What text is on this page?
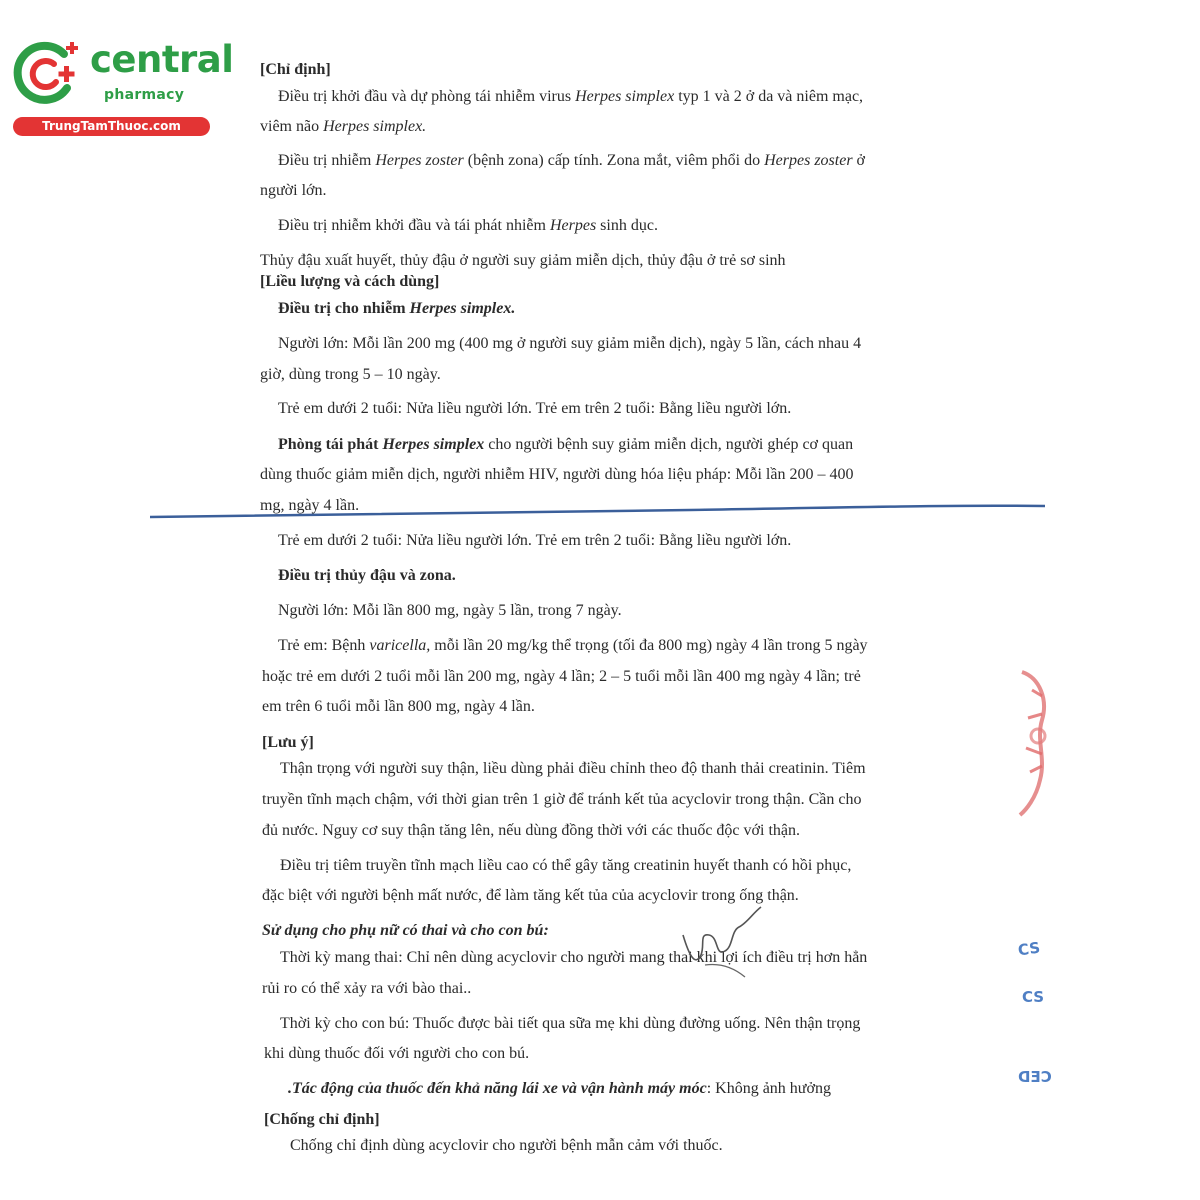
central
pharmacy
TrungTamThuoc.com
[Chỉ định]
Điều trị khởi đầu và dự phòng tái nhiễm virus Herpes simplex typ 1 và 2 ở da và niêm mạc,
viêm não Herpes simplex.
Điều trị nhiễm Herpes zoster (bệnh zona) cấp tính. Zona mắt, viêm phổi do Herpes zoster ở
người lớn.
Điều trị nhiễm khởi đầu và tái phát nhiễm Herpes sinh dục.
Thủy đậu xuất huyết, thủy đậu ở người suy giảm miễn dịch, thủy đậu ở trẻ sơ sinh
[Liều lượng và cách dùng]
Điều trị cho nhiễm Herpes simplex.
Người lớn: Mỗi lần 200 mg (400 mg ở người suy giảm miễn dịch), ngày 5 lần, cách nhau 4
giờ, dùng trong 5 – 10 ngày.
Trẻ em dưới 2 tuổi: Nửa liều người lớn. Trẻ em trên 2 tuổi: Bằng liều người lớn.
Phòng tái phát Herpes simplex cho người bệnh suy giảm miễn dịch, người ghép cơ quan
dùng thuốc giảm miễn dịch, người nhiễm HIV, người dùng hóa liệu pháp: Mỗi lần 200 – 400
mg, ngày 4 lần.
Trẻ em dưới 2 tuổi: Nửa liều người lớn. Trẻ em trên 2 tuổi: Bằng liều người lớn.
Điều trị thủy đậu và zona.
Người lớn: Mỗi lần 800 mg, ngày 5 lần, trong 7 ngày.
Trẻ em: Bệnh varicella, mỗi lần 20 mg/kg thể trọng (tối đa 800 mg) ngày 4 lần trong 5 ngày
hoặc trẻ em dưới 2 tuổi mỗi lần 200 mg, ngày 4 lần; 2 – 5 tuổi mỗi lần 400 mg ngày 4 lần; trẻ
em trên 6 tuổi mỗi lần 800 mg, ngày 4 lần.
[Lưu ý]
Thận trọng với người suy thận, liều dùng phải điều chỉnh theo độ thanh thải creatinin. Tiêm
truyền tĩnh mạch chậm, với thời gian trên 1 giờ để tránh kết tủa acyclovir trong thận. Cần cho
đủ nước. Nguy cơ suy thận tăng lên, nếu dùng đồng thời với các thuốc độc với thận.
Điều trị tiêm truyền tĩnh mạch liều cao có thể gây tăng creatinin huyết thanh có hồi phục,
đặc biệt với người bệnh mất nước, để làm tăng kết tủa của acyclovir trong ống thận.
Sử dụng cho phụ nữ có thai và cho con bú:
Thời kỳ mang thai: Chỉ nên dùng acyclovir cho người mang thai khi lợi ích điều trị hơn hẳn
rủi ro có thể xảy ra với bào thai..
Thời kỳ cho con bú: Thuốc được bài tiết qua sữa mẹ khi dùng đường uống. Nên thận trọng
khi dùng thuốc đối với người cho con bú.
.Tác động của thuốc đến khả năng lái xe và vận hành máy móc: Không ảnh hưởng
[Chống chỉ định]
Chống chỉ định dùng acyclovir cho người bệnh mẫn cảm với thuốc.
CS
CS
CED
